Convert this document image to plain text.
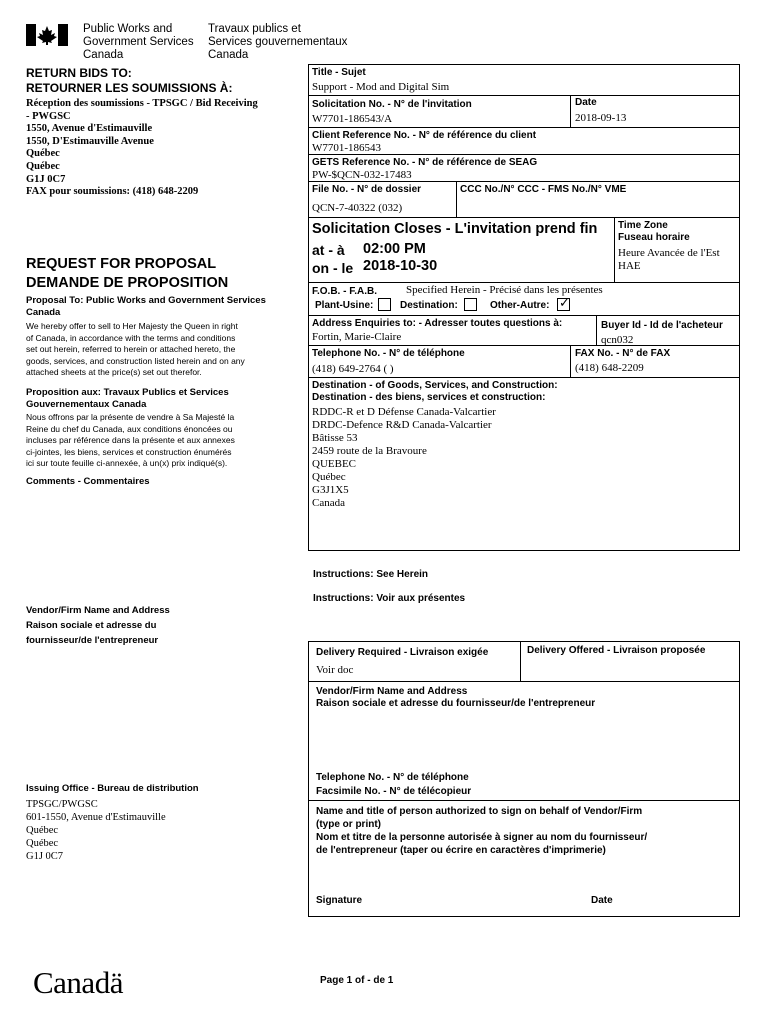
Public Works and
Government Services
Canada
Travaux publics et
Services gouvernementaux
Canada
RETURN BIDS TO:
RETOURNER LES SOUMISSIONS À:
Réception des soumissions - TPSGC / Bid Receiving
- PWGSC
1550, Avenue d'Estimauville
1550, D'Estimauville Avenue
Québec
Québec
G1J 0C7
FAX pour soumissions: (418) 648-2209
REQUEST FOR PROPOSAL
DEMANDE DE PROPOSITION
Proposal To: Public Works and Government Services Canada
We hereby offer to sell to Her Majesty the Queen in right
of Canada, in accordance with the terms and conditions
set out herein, referred to herein or attached hereto, the
goods, services, and construction listed herein and on any
attached sheets at the price(s) set out therefor.
Proposition aux: Travaux Publics et Services Gouvernementaux Canada
Nous offrons par la présente de vendre à Sa Majesté la
Reine du chef du Canada, aux conditions énoncées ou
incluses par référence dans la présente et aux annexes
ci-jointes, les biens, services et construction énumérés
ici sur toute feuille ci-annexée, à un(x) prix indiqué(s).
Comments - Commentaires
Vendor/Firm Name and Address
Raison sociale et adresse du
fournisseur/de l'entrepreneur
Issuing Office - Bureau de distribution
TPSGC/PWGSC
601-1550, Avenue d'Estimauville
Québec
Québec
G1J 0C7
Title - Sujet
Support - Mod and Digital Sim
Solicitation No. - N° de l'invitation
W7701-186543/A
Date
2018-09-13
Client Reference No. - N° de référence du client
W7701-186543
GETS Reference No. - N° de référence de SEAG
PW-$QCN-032-17483
File No. - N° de dossier
QCN-7-40322 (032)
CCC No./N° CCC - FMS No./N° VME
Solicitation Closes - L'invitation prend fin
at - à 02:00 PM
on - le 2018-10-30
Time Zone
Fuseau horaire
Heure Avancée de l'Est
HAE
F.O.B. - F.A.B.	Specified Herein - Précisé dans les présentes
Plant-Usine:	Destination:	Other-Autre: ✓
Address Enquiries to: - Adresser toutes questions à:
Fortin, Marie-Claire
Buyer Id - Id de l'acheteur
qcn032
Telephone No. - N° de téléphone
(418) 649-2764 ( )
FAX No. - N° de FAX
(418) 648-2209
Destination - of Goods, Services, and Construction:
Destination - des biens, services et construction:
RDDC-R et D Défense Canada-Valcartier
DRDC-Defence R&D Canada-Valcartier
Bâtisse 53
2459 route de la Bravoure
QUEBEC
Québec
G3J1X5
Canada
Instructions: See Herein
Instructions: Voir aux présentes
Delivery Required - Livraison exigée
Voir doc
Delivery Offered - Livraison proposée
Vendor/Firm Name and Address
Raison sociale et adresse du fournisseur/de l'entrepreneur
Telephone No. - N° de téléphone
Facsimile No. - N° de télécopieur
Name and title of person authorized to sign on behalf of Vendor/Firm
(type or print)
Nom et titre de la personne autorisée à signer au nom du fournisseur/
de l'entrepreneur (taper ou écrire en caractères d'imprimerie)
Signature	Date
Canadä	Page 1 of - de 1
